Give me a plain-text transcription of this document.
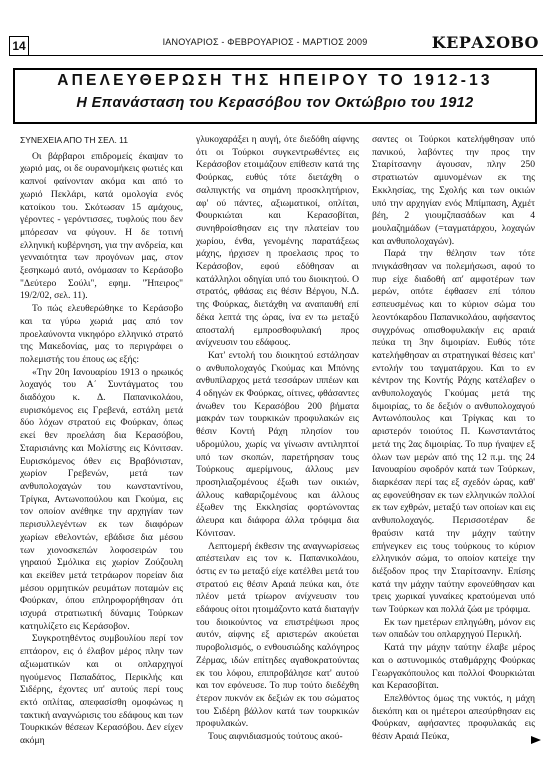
14	ΙΑΝΟΥΑΡΙΟΣ - ΦΕΒΡΟΥΑΡΙΟΣ - ΜΑΡΤΙΟΣ 2009	ΚΕΡΑΣΟΒΟ
ΑΠΕΛΕΥΘΕΡΩΣΗ ΤΗΣ ΗΠΕΙΡΟΥ ΤΟ 1912-13
Η Επανάσταση του Κερασόβου τον Οκτώβριο του 1912

ΣΥΝΕΧΕΙΑ ΑΠΟ ΤΗ ΣΕΛ. 11

Οι βάρβαροι επιδρομείς έκαψαν το χωριό μας, οι δε ουρανομήκεις φωτιές και καπνοί φαίνονταν ακόμα και από το χωριό Πεκλάρι, κατά ομολογία ενός κατοίκου του. Σκότωσαν 15 αμάχους, γέροντες - γερόντισσες, τυφλούς που δεν μπόρεσαν να φύγουν. Η δε τοτινή ελληνική κυβέρνηση, για την ανδρεία, και γενναιότητα των προγόνων μας, στον ξεσηκωμό αυτό, ονόμασαν το Κεράσοβο "Δεύτερο Σούλι", εφημ. "Ήπειρος" 19/2/02, σελ. 11).

Το πώς ελευθερώθηκε το Κεράσοβο και τα γύρω χωριά μας από τον προελαύνοντα νικηφόρο ελληνικό στρατό της Μακεδονίας, μας το περιγράφει ο πολεμιστής του έπους ως εξής:

«Την 20η Ιανουαρίου 1913 ο ηρωικός λοχαγός του Α΄ Συντάγματος του διαδόχου κ. Δ. Παπανικολάου, ευρισκόμενος εις Γρεβενά, εστάλη μετά δύο λόχων στρατού εις Φούρκαν, όπως εκεί θεν προελάση δια Κερασόβου, Σταρισιάνης και Μολίστης εις Κόνιτσαν. Ευρισκόμενος όθεν εις Βραβόνισταν, χωρίον Γρεβενών, μετά των ανθυπολοχαγών του κωνσταντίνου, Τρίγκα, Αντωνοπούλου και Γκούμα, εις τον οποίον ανέθηκε την αρχηγίαν των περισυλλεγέντων εκ των διαφόρων χωρίων εθελοντών, εβάδισε δια μέσου των χιονοσκεπών λοφοσειρών του γηραιού Σμόλικα εις χωρίον Ζούζουλη και εκείθεν μετά τετράωρον πορείαν δια μέσου ορμητικών ρευμάτων ποταμών εις Φούρκαν, όπου επληροφορήθησαν ότι ισχυρά στρατιωτική δύναμις Τούρκων κατηυλίζετο εις Κεράσοβον.

Συγκροτηθέντος συμβουλίου περί τον επτάορον, εις ό έλαβον μέρος πλην των αξιωματικών και οι οπλαρχηγοί ηγούμενος Παπαδάτος, Περικλής και Σιδέρης, έχοντες υπ' αυτούς περί τους εκτό οπλίτας, απεφασίσθη ομοφώνως η τακτική αναγνώρισις του εδάφους και των Τουρκικών θέσεων Κερασόβου. Δεν είχεν ακόμη

γλυκοχαράξει η αυγή, ότε διεδόθη αίφνης ότι οι Τούρκοι συγκεντρωθέντες εις Κεράσοβον ετοιμάζουν επίθεσιν κατά της Φούρκας, ευθύς τότε διετάχθη ο σαλπιγκτής να σημάνη προσκλητήριον, αφ' ού πάντες, αξιωματικοί, οπλίται, Φουρκιώται και Κερασοβίται, συνηθροίσθησαν εις την πλατείαν του χωρίου, ένθα, γενομένης παρατάξεως μάχης, ήρχισεν η προελασις προς το Κεράσοβον, εφού εδόθησαν αι κατάλληλοι οδηγίαι υπό του διοικητού. Ο στρατός, φθάσας εις θέσιν Βέργου, Ν.Δ. της Φούρκας, διετάχθη να αναπαυθή επί δέκα λεπτά της ώρας, ίνα εν τω μεταξύ αποσταλή εμπροσθοφυλακή προς ανίχνευσιν του εδάφους.

Κατ' εντολή του διοικητού εστάλησαν ο ανθυπολοχαγός Γκούμας και Μπόνης ανθυπίλαρχος μετά τεσσάρων ιππέων και 4 οδηγών εκ Φούρκας, οίτινες, φθάσαντες άνωθεν του Κερασόβου 200 βήματα μακράν των τουρκικών προφυλακών εις θέσιν Κοντή Ράχη πλησίον του υδρομύλου, χωρίς να γίνωσιν αντιληπτοί υπό των σκοπών, παρετήρησαν τους Τούρκους αμερίμνους, άλλους μεν προσηλιαζομένους έξωθι των οικιών, άλλους καθαριζομένους και άλλους έξωθεν της Εκκλησίας φορτώνοντας άλευρα και διάφορα άλλα τρόφιμα δια Κόνιτσαν.

Λεπτομερή έκθεσιν της αναγνωρίσεως απέστειλαν εις τον κ. Παπανικολάου, όστις εν τω μεταξύ είχε κατέλθει μετά του στρατού εις θέσιν Αραιά πεύκα και, ότε πλέον μετά τρίωρον ανίχνευσιν του εδάφους οίτοι ητοιμάζοντο κατά διαταγήν του διοικούντος να επιστρέψωσι προς αυτόν, αίφνης εξ αριστερών ακούεται πυροβολισμός, ο ενθουσιώδης καλόγηρος Ζέρμας, ιδών επίτηδες αγαθοκρατούντας εκ του λόφου, επιπροβάλησε κατ' αυτού και τον εφόνευσε. Το πυρ τούτο διεδέχθη έτερον πυκνόν εκ δεξιών εκ του σώματος του Σιδέρη βάλλον κατά των τουρκικών προφυλακών.

Τους αιφνιδιασμούς τούτους ακού-

σαντες οι Τούρκοι κατελήφθησαν υπό πανικού, λαβόντες την προς την Σταρίτσανην άγουσαν, πλην 250 στρατιωτών αμυνομένων εκ της Εκκλησίας, της Σχολής και των οικιών υπό την αρχηγίαν ενός Μπίμπαση, Αχμέτ βέη, 2 γιουμζπασάδων και 4 μουλαζημάδων (=ταγματάρχου, λοχαγών και ανθυπολοχαγών).

Παρά την θέλησιν των τότε πνιγκάσθησαν να πολεμήσωσι, αφού το πυρ είχε διαδοθή απ' αμφοτέρων των μερών, οπότε έφθασεν επί τόπου εσπευσμένως και το κύριον σώμα του λεοντόκαρδου Παπανικολάου, αφήσαντος συγχρόνως οπισθοφυλακήν εις αραιά πεύκα τη 3ην διμοιρίαν. Ευθύς τότε κατελήφθησαν αι στρατηγικαί θέσεις κατ' εντολήν του ταγματάρχου. Και το εν κέντρον της Κοντής Ράχης κατέλαβεν ο ανθυπολοχαγός Γκούμας μετά της διμοιρίας, το δε δεξιόν ο ανθυπολοχαγού Αντωνόπουλος και Τρίγκας και το αριστερόν τοιούτος Π. Κωνσταντάτος μετά της 2ας διμοιρίας. Το πυρ ήναψεν εξ όλων των μερών από της 12 π.μ. της 24 Ιανουαρίου σφοδρόν κατά των Τούρκων, διαρκέσαν περί τας εξ σχεδόν ώρας, καθ' ας εφονεύθησαν εκ των ελληνικών πολλοί εκ των εχθρών, μεταξύ των οποίων και εις ανθυπολοχαγός. Περισσοτέραν δε θραύσιν κατά την μάχην ταύτην επήνεγκεν εις τους τούρκους το κύριον ελληνικόν σώμα, το οποίον κατείχε την διέξοδον προς την Σταρίτσανην. Επίσης κατά την μάχην ταύτην εφονεύθησαν και τρεις χωρικαί γυναίκες κρατούμεναι υπό των Τούρκων και πολλά ζώα με τρόφιμα.

Εκ των ημετέρων επληγώθη, μόνον εις των οπαδών του οπλαρχηγού Περικλή.

Κατά την μάχην ταύτην έλαβε μέρος και ο αστυνομικός σταθμάρχης Φούρκας Γεωργακόπουλος και πολλοί Φουρκιώται και Κερασοβίται.

Επελθόντος όμως της νυκτός, η μάχη διεκόπη και οι ημέτεροι απεσύρθησαν εις Φούρκαν, αφήσαντες προφυλακάς εις θέσιν Αραιά Πεύκα,
